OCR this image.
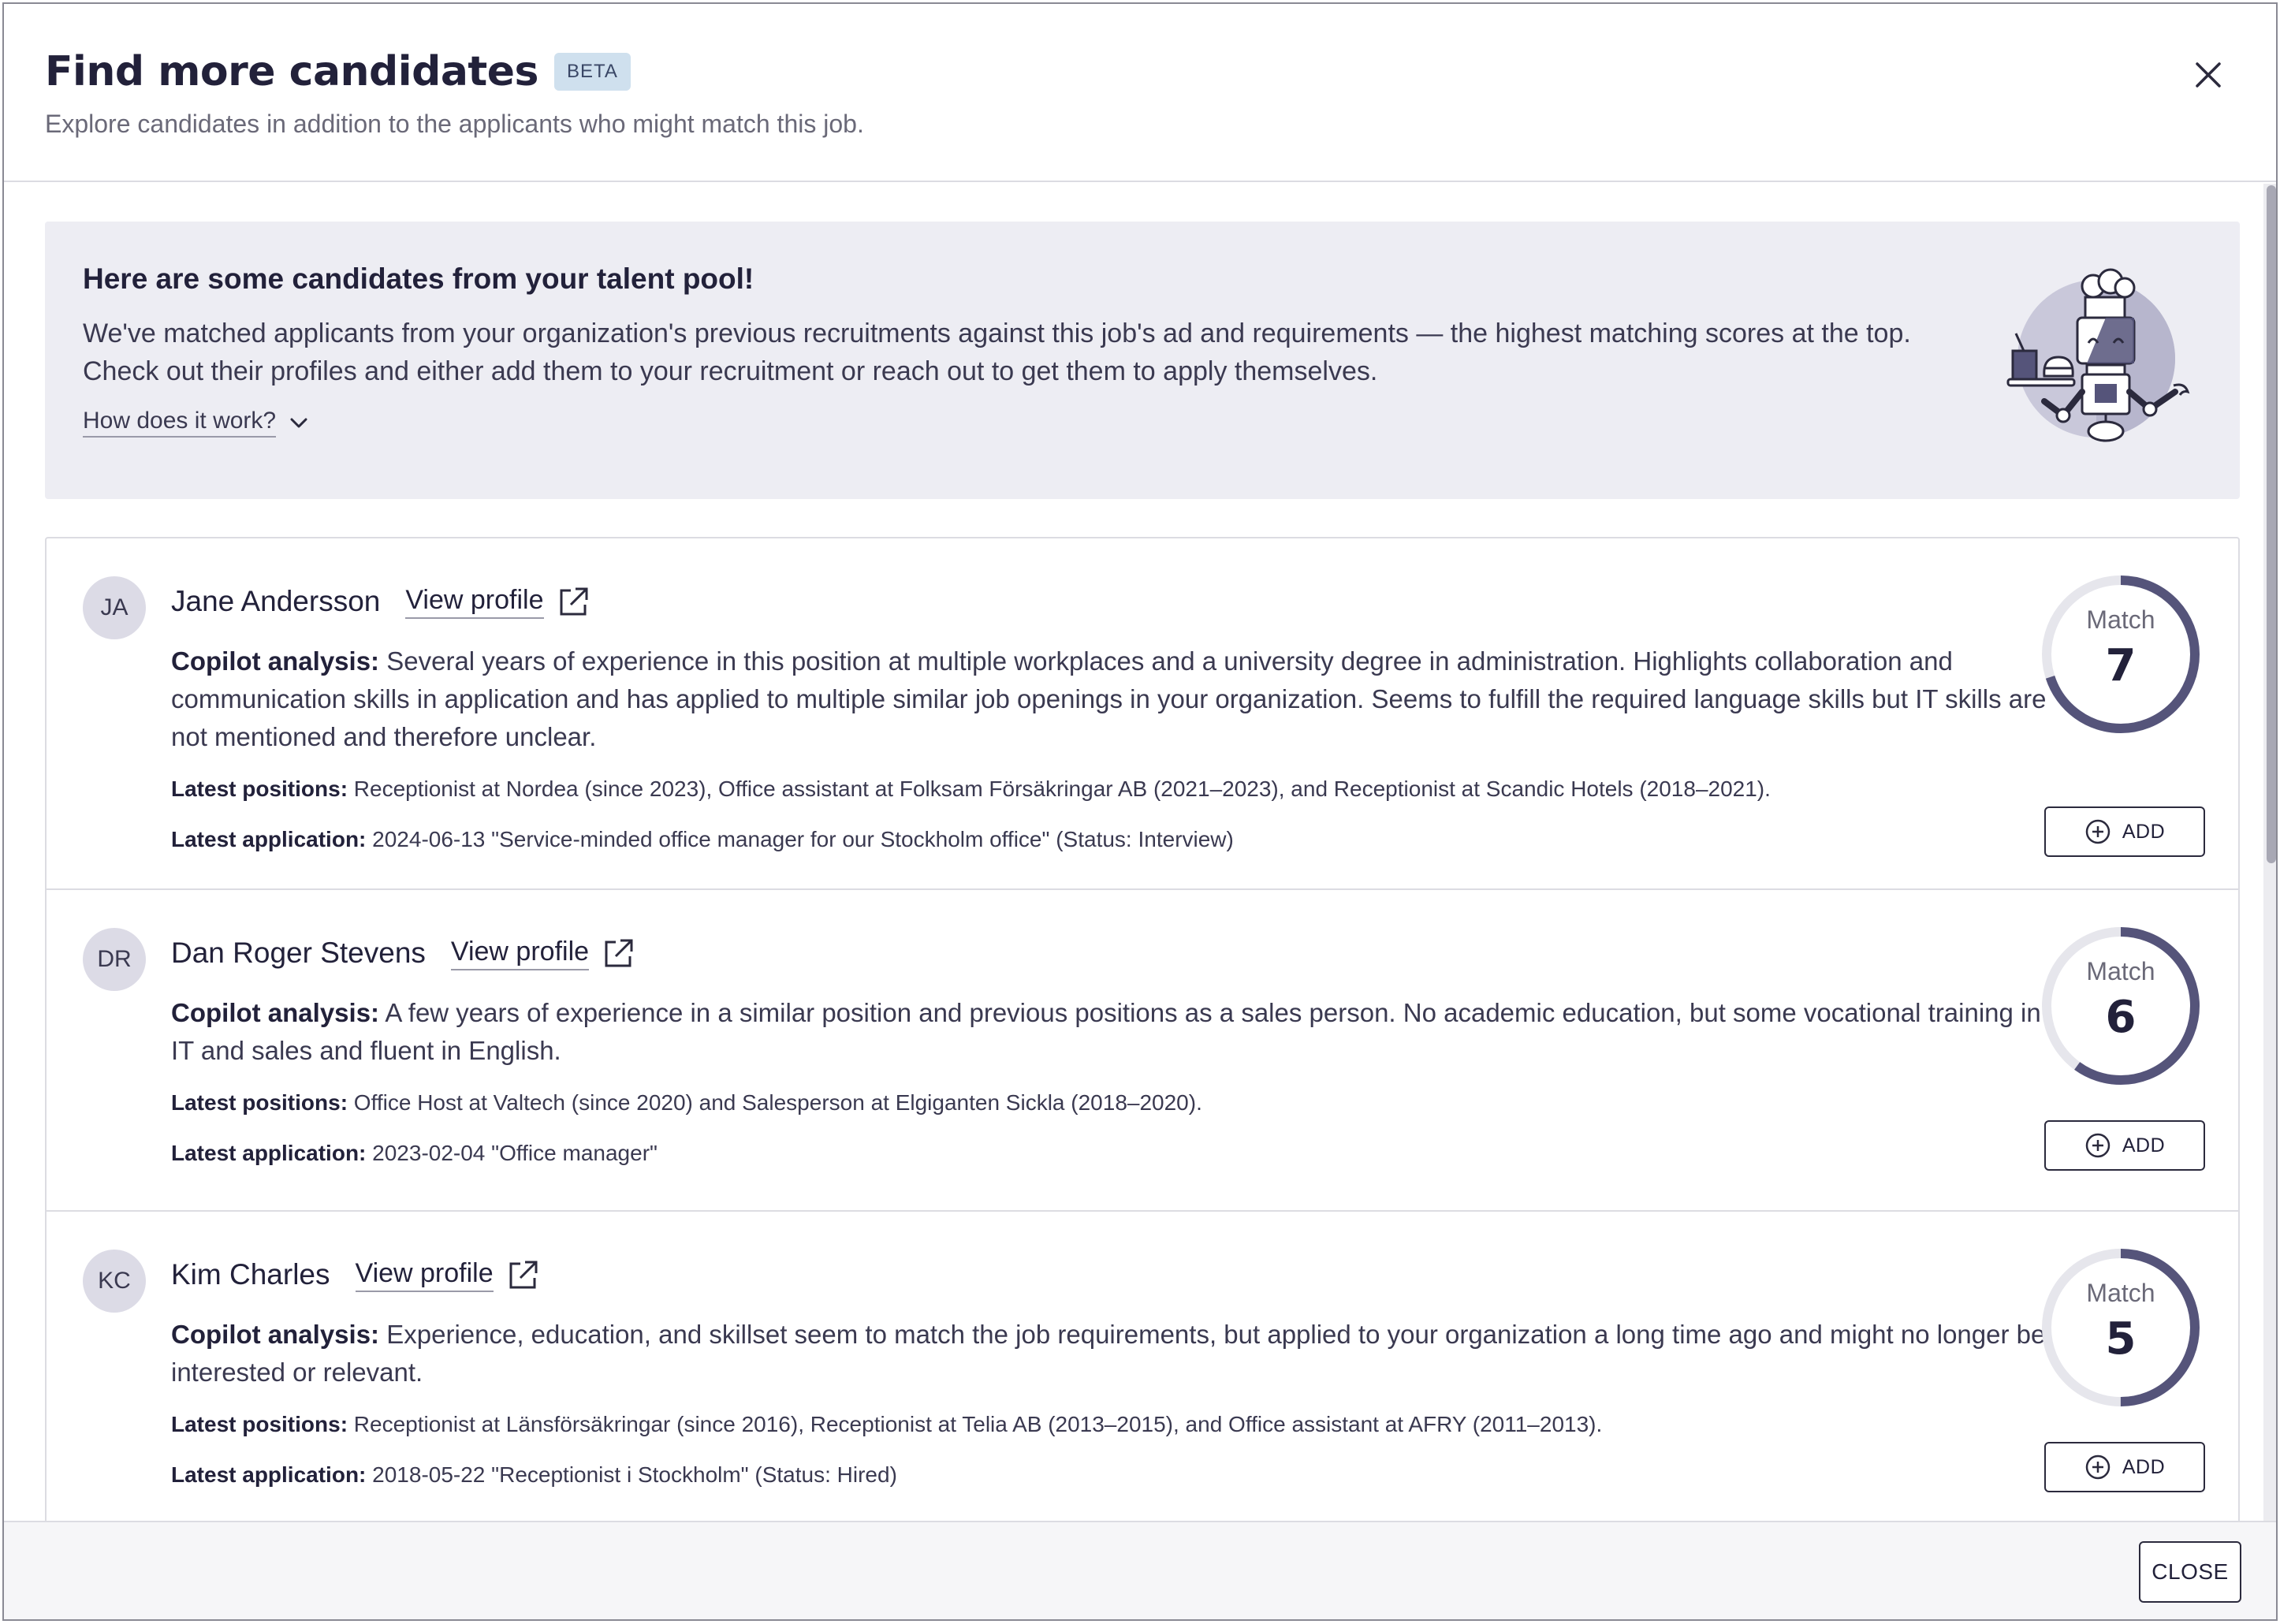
Find more candidates	BETA
Explore candidates in addition to the applicants who might match this job.
Here are some candidates from your talent pool!
We've matched applicants from your organization's previous recruitments against this job's ad and requirements — the highest matching scores at the top.
Check out their profiles and either add them to your recruitment or reach out to get them to apply themselves.
How does it work?
JA	Jane Andersson View profile
Copilot analysis: Several years of experience in this position at multiple workplaces and a university degree in administration. Highlights collaboration and communication skills in application and has applied to multiple similar job openings in your organization. Seems to fulfill the required language skills but IT skills are not mentioned and therefore unclear.
Latest positions: Receptionist at Nordea (since 2023), Office assistant at Folksam Försäkringar AB (2021–2023), and Receptionist at Scandic Hotels (2018–2021).
Latest application: 2024-06-13 "Service-minded office manager for our Stockholm office" (Status: Interview)
Match
7
ADD
DR	Dan Roger Stevens View profile
Copilot analysis: A few years of experience in a similar position and previous positions as a sales person. No academic education, but some vocational training in IT and sales and fluent in English.
Latest positions: Office Host at Valtech (since 2020) and Salesperson at Elgiganten Sickla (2018–2020).
Latest application: 2023-02-04 "Office manager"
Match
6
ADD
KC	Kim Charles View profile
Copilot analysis: Experience, education, and skillset seem to match the job requirements, but applied to your organization a long time ago and might no longer be interested or relevant.
Latest positions: Receptionist at Länsförsäkringar (since 2016), Receptionist at Telia AB (2013–2015), and Office assistant at AFRY (2011–2013).
Latest application: 2018-05-22 "Receptionist i Stockholm" (Status: Hired)
Match
5
ADD
CLOSE
